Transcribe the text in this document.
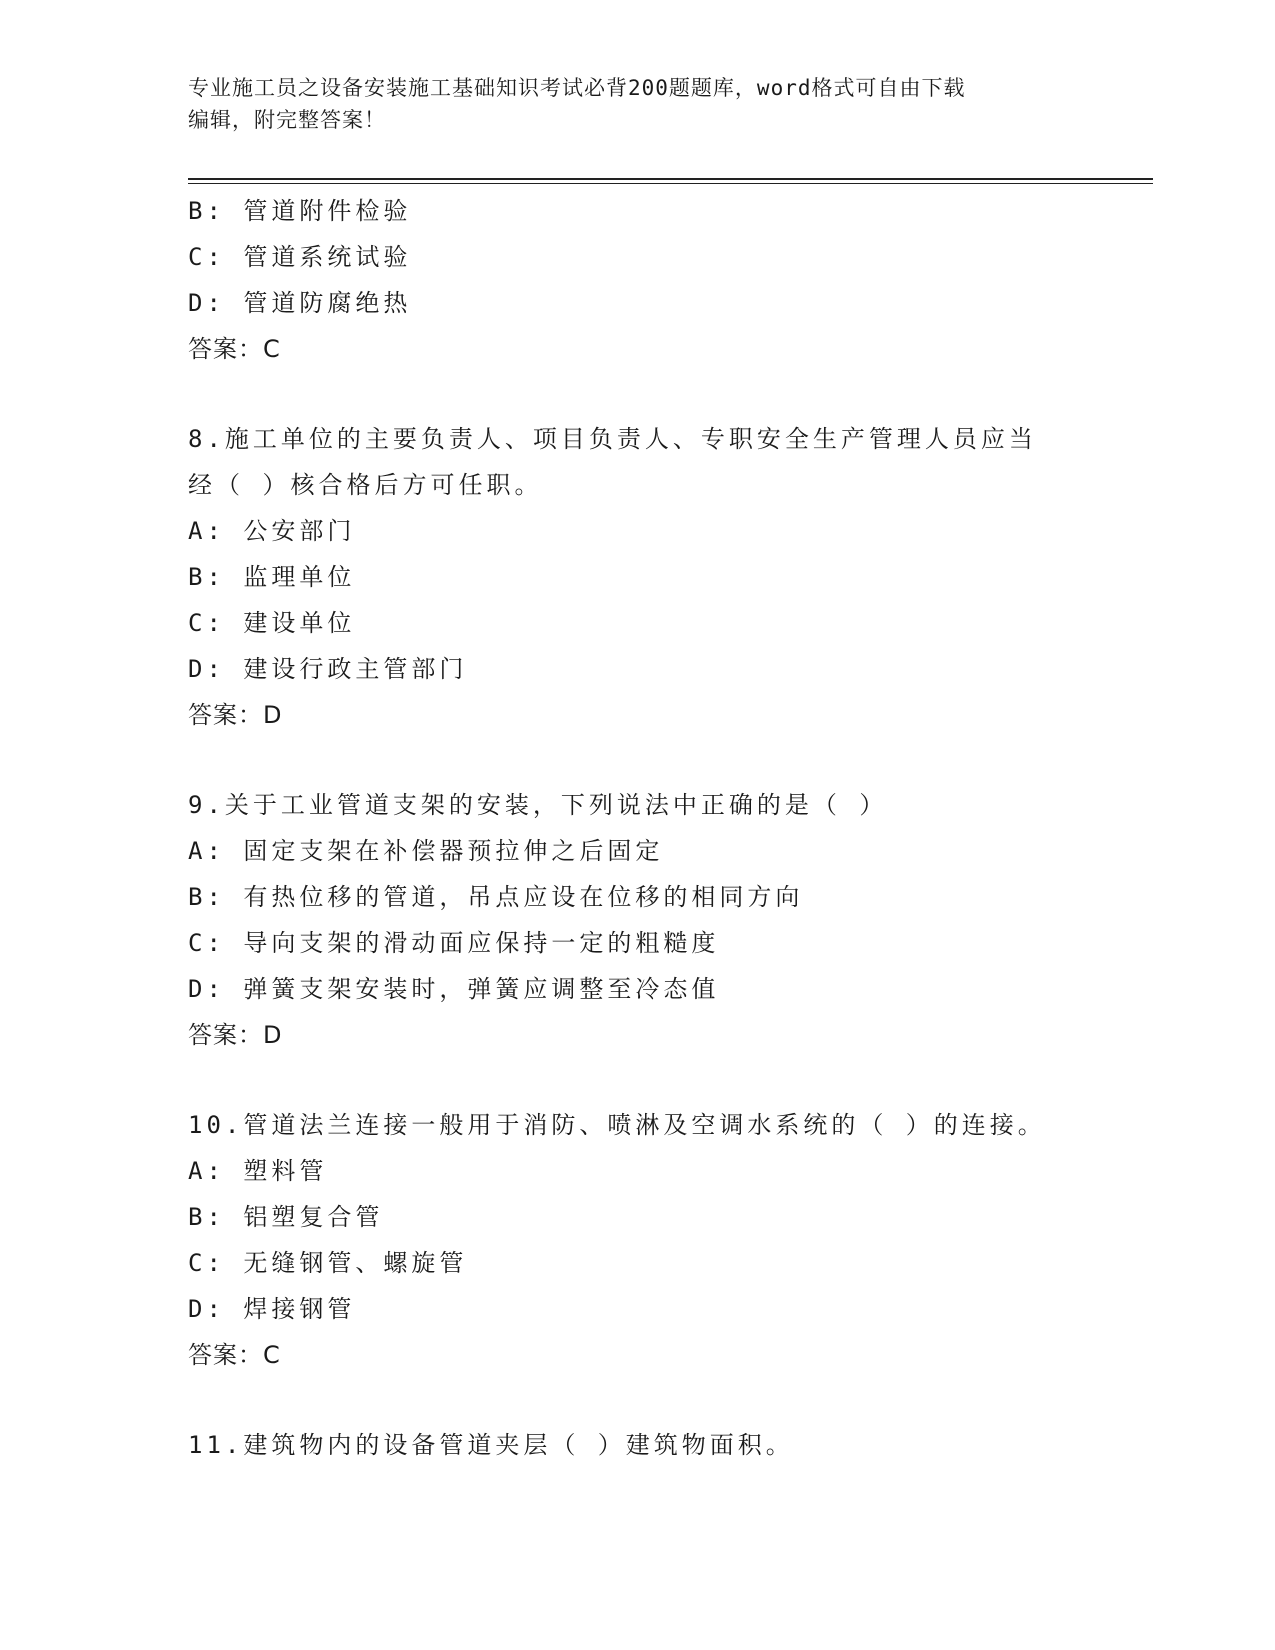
专业施工员之设备安装施工基础知识考试必背200题题库，word格式可自由下载
编辑，附完整答案！
B: 管道附件检验
C: 管道系统试验
D: 管道防腐绝热
答案：C
8.施工单位的主要负责人、项目负责人、专职安全生产管理人员应当
经（ ）核合格后方可任职。
A: 公安部门
B: 监理单位
C: 建设单位
D: 建设行政主管部门
答案：D
9.关于工业管道支架的安装，下列说法中正确的是（ ）
A: 固定支架在补偿器预拉伸之后固定
B: 有热位移的管道，吊点应设在位移的相同方向
C: 导向支架的滑动面应保持一定的粗糙度
D: 弹簧支架安装时，弹簧应调整至冷态值
答案：D
10.管道法兰连接一般用于消防、喷淋及空调水系统的（ ）的连接。
A: 塑料管
B: 铝塑复合管
C: 无缝钢管、螺旋管
D: 焊接钢管
答案：C
11.建筑物内的设备管道夹层（ ）建筑物面积。
